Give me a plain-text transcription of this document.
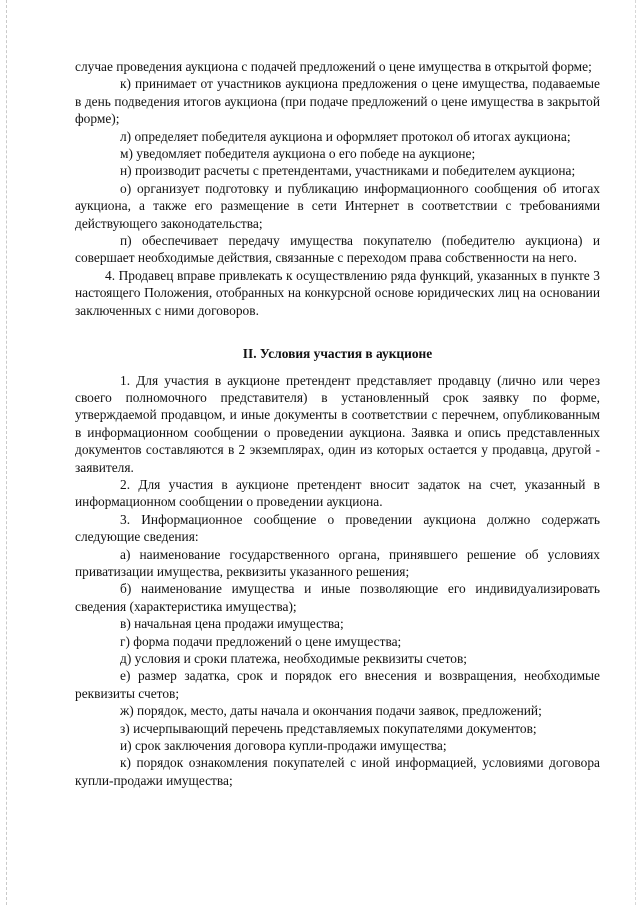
случае проведения аукциона с подачей предложений о цене имущества в открытой форме;

к) принимает от участников аукциона предложения о цене имущества, подаваемые в день подведения итогов аукциона (при подаче предложений о цене имущества в закрытой форме);

л) определяет победителя аукциона и оформляет протокол об итогах аукциона;

м) уведомляет победителя аукциона о его победе на аукционе;

н) производит расчеты с претендентами, участниками и победителем аукциона;

о) организует подготовку и публикацию информационного сообщения об итогах аукциона, а также его размещение в сети Интернет в соответствии с требованиями действующего законодательства;

п) обеспечивает передачу имущества покупателю (победителю аукциона) и совершает необходимые действия, связанные с переходом права собственности на него.

4. Продавец вправе привлекать к осуществлению ряда функций, указанных в пункте 3 настоящего Положения, отобранных на конкурсной основе юридических лиц на основании заключенных с ними договоров.

II. Условия участия в аукционе

1. Для участия в аукционе претендент представляет продавцу (лично или через своего полномочного представителя) в установленный срок заявку по форме, утверждаемой продавцом, и иные документы в соответствии с перечнем, опубликованным в информационном сообщении о проведении аукциона. Заявка и опись представленных документов составляются в 2 экземплярах, один из которых остается у продавца, другой - заявителя.

2. Для участия в аукционе претендент вносит задаток на счет, указанный в информационном сообщении о проведении аукциона.

3. Информационное сообщение о проведении аукциона должно содержать следующие сведения:

а) наименование государственного органа, принявшего решение об условиях приватизации имущества, реквизиты указанного решения;

б) наименование имущества и иные позволяющие его индивидуализировать сведения (характеристика имущества);

в) начальная цена продажи имущества;

г) форма подачи предложений о цене имущества;

д) условия и сроки платежа, необходимые реквизиты счетов;

е) размер задатка, срок и порядок его внесения и возвращения, необходимые реквизиты счетов;

ж) порядок, место, даты начала и окончания подачи заявок, предложений;

з) исчерпывающий перечень представляемых покупателями документов;

и) срок заключения договора купли-продажи имущества;

к) порядок ознакомления покупателей с иной информацией, условиями договора купли-продажи имущества;
